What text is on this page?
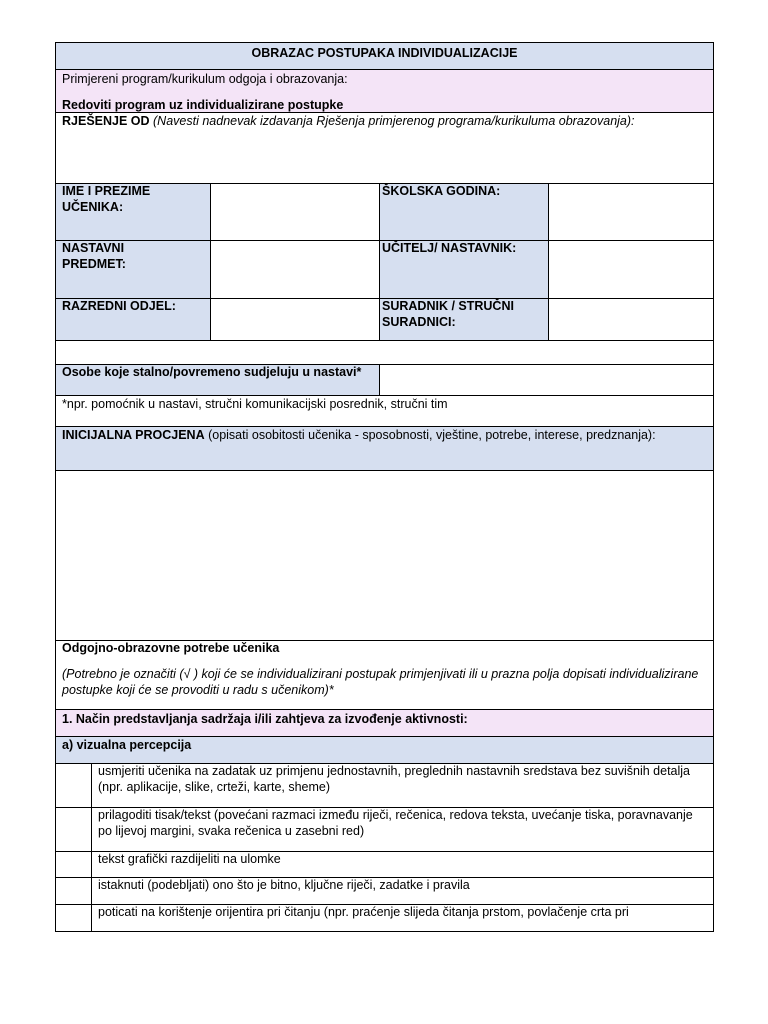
OBRAZAC POSTUPAKA INDIVIDUALIZACIJE
Primjereni program/kurikulum odgoja i obrazovanja:
Redoviti program uz individualizirane postupke
RJEŠENJE OD (Navesti nadnevak izdavanja Rješenja primjerenog programa/kurikuluma obrazovanja):
IME I PREZIME UČENIKA:
ŠKOLSKA GODINA:
NASTAVNI PREDMET:
UČITELJ/ NASTAVNIK:
RAZREDNI ODJEL:	SURADNIK / STRUČNI SURADNICI:
Osobe koje stalno/povremeno sudjeluju u nastavi*
*npr. pomoćnik u nastavi, stručni komunikacijski posrednik, stručni tim
INICIJALNA PROCJENA (opisati osobitosti učenika - sposobnosti, vještine, potrebe, interese, predznanja):
Odgojno-obrazovne potrebe učenika
(Potrebno je označiti (√ ) koji će se individualizirani postupak primjenjivati ili u prazna polja dopisati individualizirane postupke koji će se provoditi u radu s učenikom)*
1. Način predstavljanja sadržaja i/ili zahtjeva za izvođenje aktivnosti:
a) vizualna percepcija
usmjeriti učenika na zadatak uz primjenu jednostavnih, preglednih nastavnih sredstava bez suvišnih detalja (npr. aplikacije, slike, crteži, karte, sheme)
prilagoditi tisak/tekst (povećani razmaci između riječi, rečenica, redova teksta, uvećanje tiska, poravnavanje po lijevoj margini, svaka rečenica u zasebni red)
tekst grafički razdijeliti na ulomke
istaknuti (podebljati) ono što je bitno, ključne riječi, zadatke i pravila
poticati na korištenje orijentira pri čitanju (npr. praćenje slijeda čitanja prstom, povlačenje crta pri
